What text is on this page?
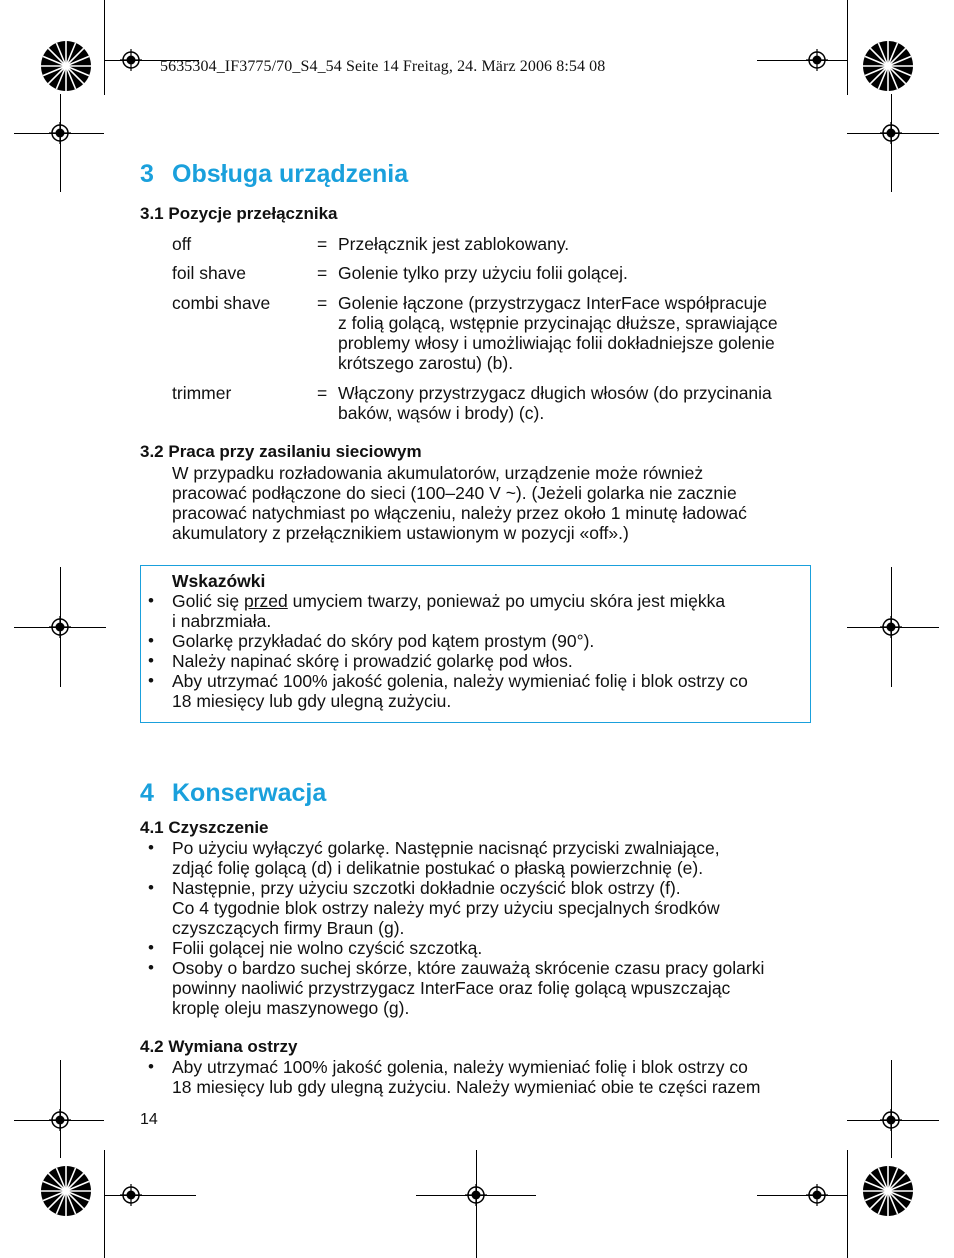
5635304_IF3775/70_S4_54 Seite 14 Freitag, 24. März 2006 8:54 08
3 Obsługa urządzenia
3.1 Pozycje przełącznika
off	= Przełącznik jest zablokowany.
foil shave	= Golenie tylko przy użyciu folii golącej.
combi shave	= Golenie łączone (przystrzygacz InterFace współpracuje
z folią golącą, wstępnie przycinając dłuższe, sprawiające
problemy włosy i umożliwiając folii dokładniejsze golenie
krótszego zarostu) (b).
trimmer	= Włączony przystrzygacz długich włosów (do przycinania
baków, wąsów i brody) (c).
3.2 Praca przy zasilaniu sieciowym
W przypadku rozładowania akumulatorów, urządzenie może również
pracować podłączone do sieci (100–240 V ~). (Jeżeli golarka nie zacznie
pracować natychmiast po włączeniu, należy przez około 1 minutę ładować
akumulatory z przełącznikiem ustawionym w pozycji «off».)
Wskazówki
• Golić się przed umyciem twarzy, ponieważ po umyciu skóra jest miękka
i nabrzmiała.
• Golarkę przykładać do skóry pod kątem prostym (90°).
• Należy napinać skórę i prowadzić golarkę pod włos.
• Aby utrzymać 100% jakość golenia, należy wymieniać folię i blok ostrzy co
18 miesięcy lub gdy ulegną zużyciu.
4 Konserwacja
4.1 Czyszczenie
• Po użyciu wyłączyć golarkę. Następnie nacisnąć przyciski zwalniające,
zdjąć folię golącą (d) i delikatnie postukać o płaską powierzchnię (e).
• Następnie, przy użyciu szczotki dokładnie oczyścić blok ostrzy (f).
Co 4 tygodnie blok ostrzy należy myć przy użyciu specjalnych środków
czyszczących firmy Braun (g).
• Folii golącej nie wolno czyścić szczotką.
• Osoby o bardzo suchej skórze, które zauważą skrócenie czasu pracy golarki
powinny naoliwić przystrzygacz InterFace oraz folię golącą wpuszczając
kroplę oleju maszynowego (g).
4.2 Wymiana ostrzy
• Aby utrzymać 100% jakość golenia, należy wymieniać folię i blok ostrzy co
18 miesięcy lub gdy ulegną zużyciu. Należy wymieniać obie te części razem
14
